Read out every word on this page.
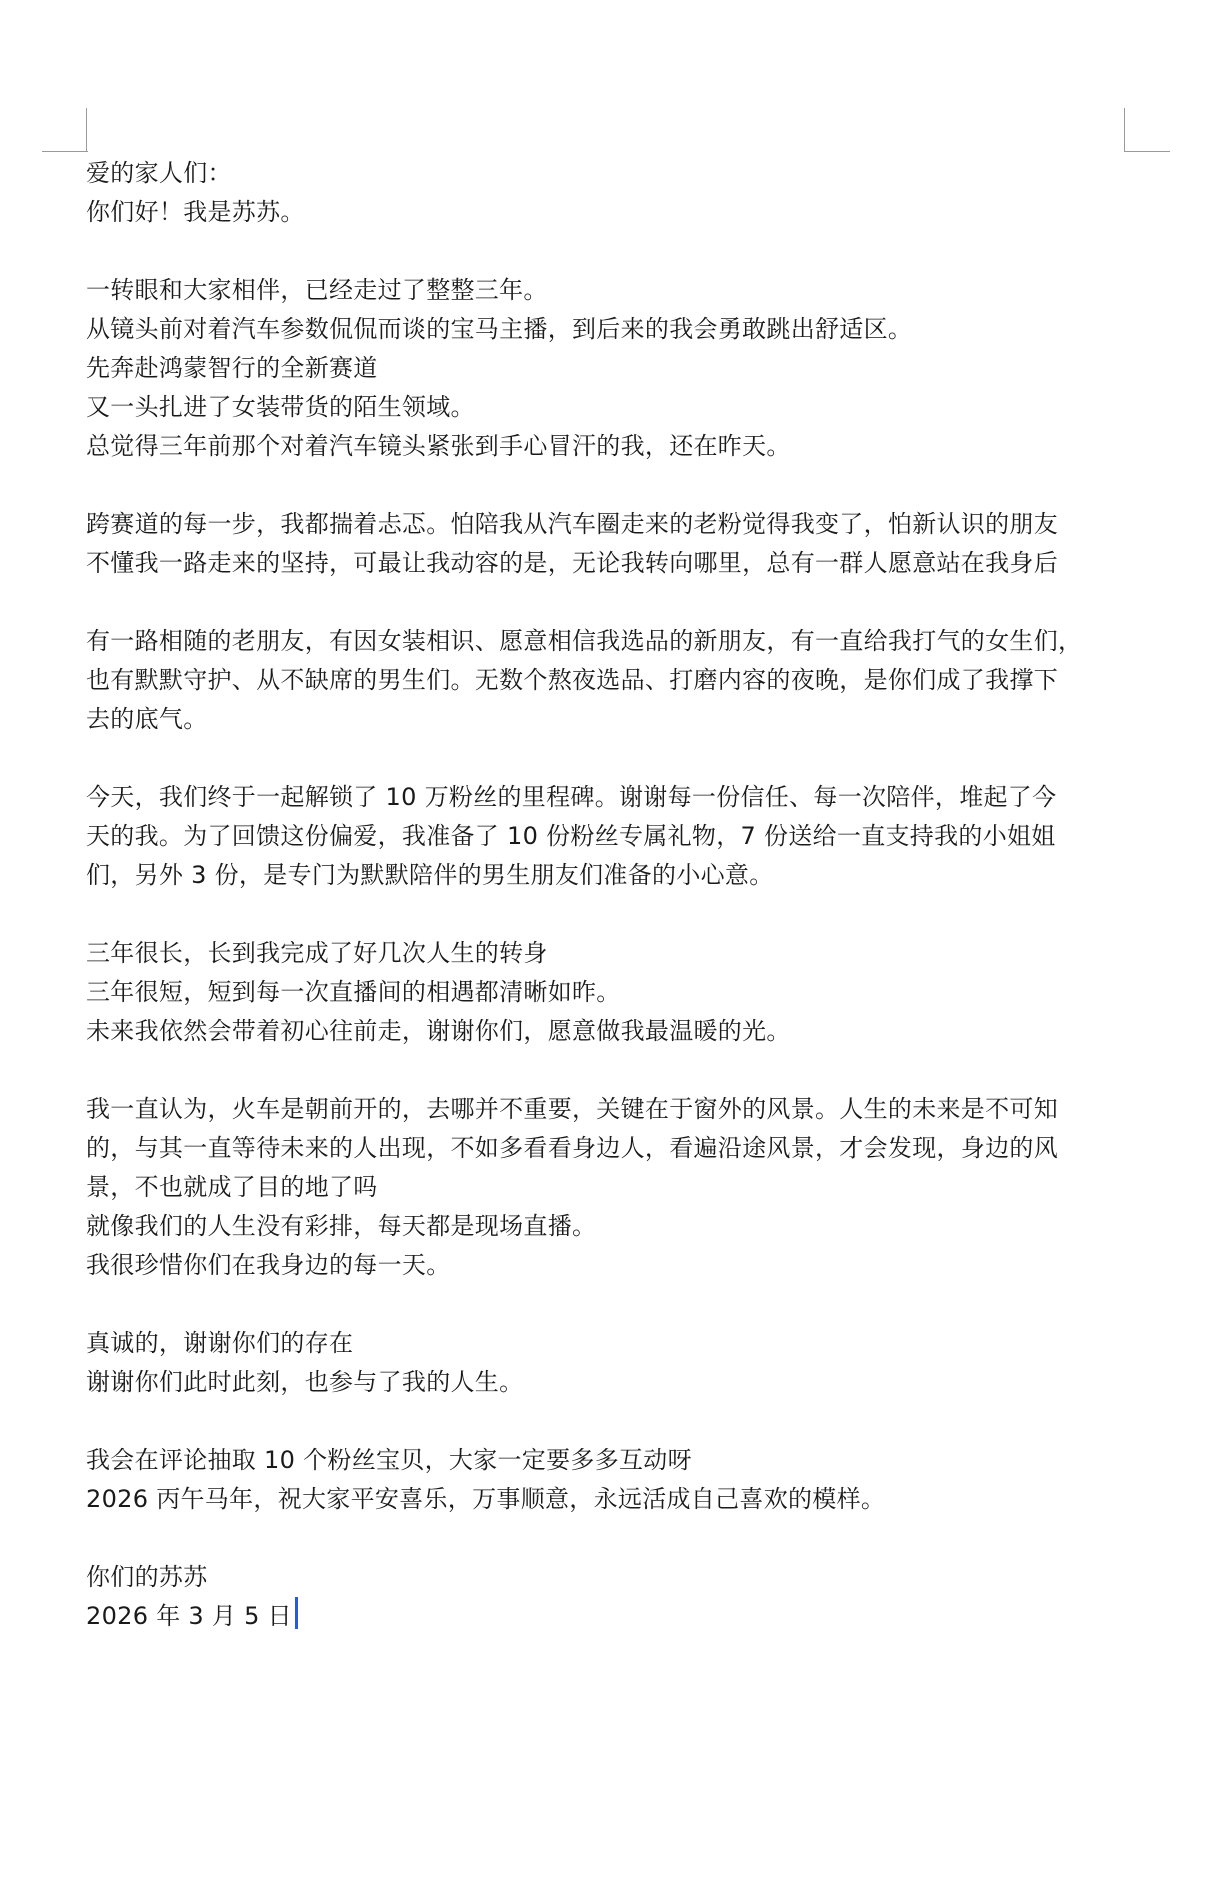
爱的家人们：
你们好！我是苏苏。
一转眼和大家相伴，已经走过了整整三年。
从镜头前对着汽车参数侃侃而谈的宝马主播，到后来的我会勇敢跳出舒适区。
先奔赴鸿蒙智行的全新赛道
又一头扎进了女装带货的陌生领域。
总觉得三年前那个对着汽车镜头紧张到手心冒汗的我，还在昨天。
跨赛道的每一步，我都揣着忐忑。怕陪我从汽车圈走来的老粉觉得我变了，怕新认识的朋友
不懂我一路走来的坚持，可最让我动容的是，无论我转向哪里，总有一群人愿意站在我身后
有一路相随的老朋友，有因女装相识、愿意相信我选品的新朋友，有一直给我打气的女生们，
也有默默守护、从不缺席的男生们。无数个熬夜选品、打磨内容的夜晚，是你们成了我撑下
去的底气。
今天，我们终于一起解锁了 10 万粉丝的里程碑。谢谢每一份信任、每一次陪伴，堆起了今
天的我。为了回馈这份偏爱，我准备了 10 份粉丝专属礼物，7 份送给一直支持我的小姐姐
们，另外 3 份，是专门为默默陪伴的男生朋友们准备的小心意。
三年很长，长到我完成了好几次人生的转身
三年很短，短到每一次直播间的相遇都清晰如昨。
未来我依然会带着初心往前走，谢谢你们，愿意做我最温暖的光。
我一直认为，火车是朝前开的，去哪并不重要，关键在于窗外的风景。人生的未来是不可知
的，与其一直等待未来的人出现，不如多看看身边人，看遍沿途风景，才会发现，身边的风
景，不也就成了目的地了吗
就像我们的人生没有彩排，每天都是现场直播。
我很珍惜你们在我身边的每一天。
真诚的，谢谢你们的存在
谢谢你们此时此刻，也参与了我的人生。
我会在评论抽取 10 个粉丝宝贝，大家一定要多多互动呀
2026 丙午马年，祝大家平安喜乐，万事顺意，永远活成自己喜欢的模样。
你们的苏苏
2026 年 3 月 5 日
